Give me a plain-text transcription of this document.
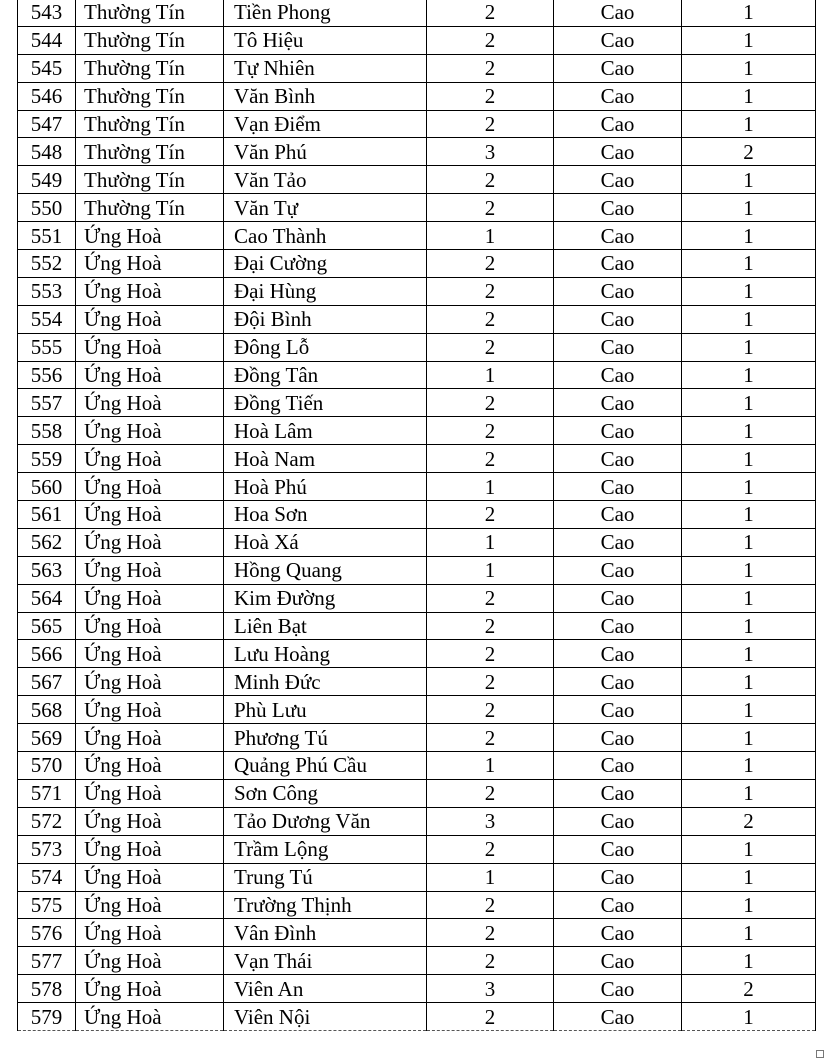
543	Thường Tín	Tiền Phong	2	Cao	1
544	Thường Tín	Tô Hiệu	2	Cao	1
545	Thường Tín	Tự Nhiên	2	Cao	1
546	Thường Tín	Văn Bình	2	Cao	1
547	Thường Tín	Vạn Điểm	2	Cao	1
548	Thường Tín	Văn Phú	3	Cao	2
549	Thường Tín	Văn Tảo	2	Cao	1
550	Thường Tín	Văn Tự	2	Cao	1
551	Ứng Hoà	Cao Thành	1	Cao	1
552	Ứng Hoà	Đại Cường	2	Cao	1
553	Ứng Hoà	Đại Hùng	2	Cao	1
554	Ứng Hoà	Đội Bình	2	Cao	1
555	Ứng Hoà	Đông Lỗ	2	Cao	1
556	Ứng Hoà	Đồng Tân	1	Cao	1
557	Ứng Hoà	Đồng Tiến	2	Cao	1
558	Ứng Hoà	Hoà Lâm	2	Cao	1
559	Ứng Hoà	Hoà Nam	2	Cao	1
560	Ứng Hoà	Hoà Phú	1	Cao	1
561	Ứng Hoà	Hoa Sơn	2	Cao	1
562	Ứng Hoà	Hoà Xá	1	Cao	1
563	Ứng Hoà	Hồng Quang	1	Cao	1
564	Ứng Hoà	Kim Đường	2	Cao	1
565	Ứng Hoà	Liên Bạt	2	Cao	1
566	Ứng Hoà	Lưu Hoàng	2	Cao	1
567	Ứng Hoà	Minh Đức	2	Cao	1
568	Ứng Hoà	Phù Lưu	2	Cao	1
569	Ứng Hoà	Phương Tú	2	Cao	1
570	Ứng Hoà	Quảng Phú Cầu	1	Cao	1
571	Ứng Hoà	Sơn Công	2	Cao	1
572	Ứng Hoà	Tảo Dương Văn	3	Cao	2
573	Ứng Hoà	Trầm Lộng	2	Cao	1
574	Ứng Hoà	Trung Tú	1	Cao	1
575	Ứng Hoà	Trường Thịnh	2	Cao	1
576	Ứng Hoà	Vân Đình	2	Cao	1
577	Ứng Hoà	Vạn Thái	2	Cao	1
578	Ứng Hoà	Viên An	3	Cao	2
579	Ứng Hoà	Viên Nội	2	Cao	1
